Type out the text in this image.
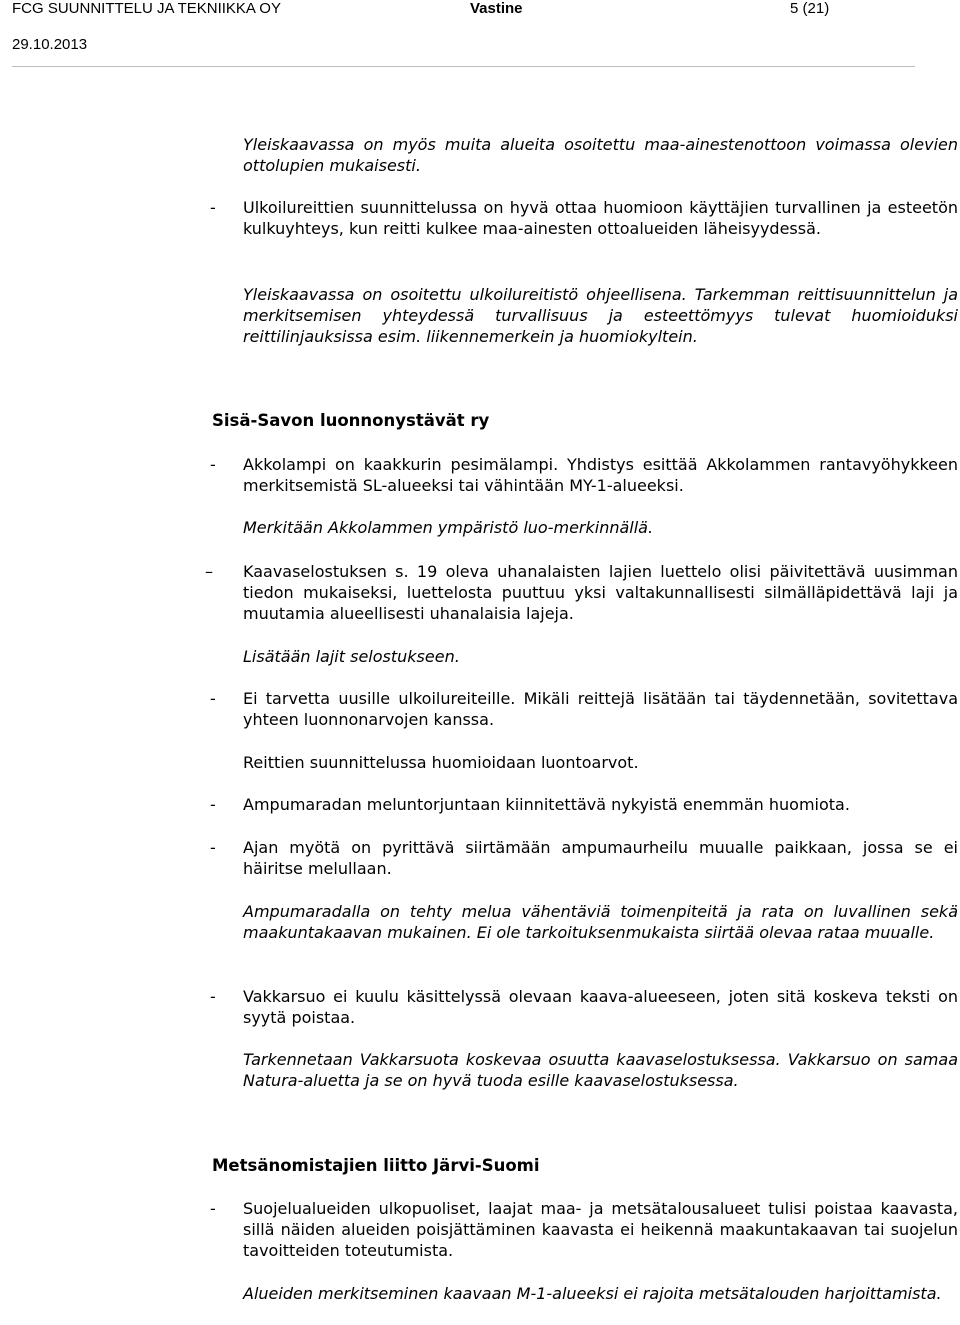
FCG SUUNNITTELU JA TEKNIIKKA OY	Vastine	5 (21)
29.10.2013
Yleiskaavassa on myös muita alueita osoitettu maa-ainestenottoon voimassa olevien ottolupien mukaisesti.
- Ulkoilureittien suunnittelussa on hyvä ottaa huomioon käyttäjien turvallinen ja esteetön kulkuyhteys, kun reitti kulkee maa-ainesten ottoalueiden läheisyydessä.
Yleiskaavassa on osoitettu ulkoilureitistö ohjeellisena. Tarkemman reittisuunnittelun ja merkitsemisen yhteydessä turvallisuus ja esteettömyys tulevat huomioiduksi reittilinjauksissa esim. liikennemerkein ja huomiokyltein.
Sisä-Savon luonnonystävät ry
- Akkolampi on kaakkurin pesimälampi. Yhdistys esittää Akkolammen rantavyöhykkeen merkitsemistä SL-alueeksi tai vähintään MY-1-alueeksi.
Merkitään Akkolammen ympäristö luo-merkinnällä.
– Kaavaselostuksen s. 19 oleva uhanalaisten lajien luettelo olisi päivitettävä uusimman tiedon mukaiseksi, luettelosta puuttuu yksi valtakunnallisesti silmälläpidettävä laji ja muutamia alueellisesti uhanalaisia lajeja.
Lisätään lajit selostukseen.
- Ei tarvetta uusille ulkoilureiteille. Mikäli reittejä lisätään tai täydennetään, sovitettava yhteen luonnonarvojen kanssa.
Reittien suunnittelussa huomioidaan luontoarvot.
- Ampumaradan meluntorjuntaan kiinnitettävä nykyistä enemmän huomiota.
- Ajan myötä on pyrittävä siirtämään ampumaurheilu muualle paikkaan, jossa se ei häiritse melullaan.
Ampumaradalla on tehty melua vähentäviä toimenpiteitä ja rata on luvallinen sekä maakuntakaavan mukainen. Ei ole tarkoituksenmukaista siirtää olevaa rataa muualle.
- Vakkarsuo ei kuulu käsittelyssä olevaan kaava-alueeseen, joten sitä koskeva teksti on syytä poistaa.
Tarkennetaan Vakkarsuota koskevaa osuutta kaavaselostuksessa. Vakkarsuo on samaa Natura-aluetta ja se on hyvä tuoda esille kaavaselostuksessa.
Metsänomistajien liitto Järvi-Suomi
- Suojelualueiden ulkopuoliset, laajat maa- ja metsätalousalueet tulisi poistaa kaavasta, sillä näiden alueiden poisjättäminen kaavasta ei heikennä maakuntakaavan tai suojelun tavoitteiden toteutumista.
Alueiden merkitseminen kaavaan M-1-alueeksi ei rajoita metsätalouden harjoittamista.
